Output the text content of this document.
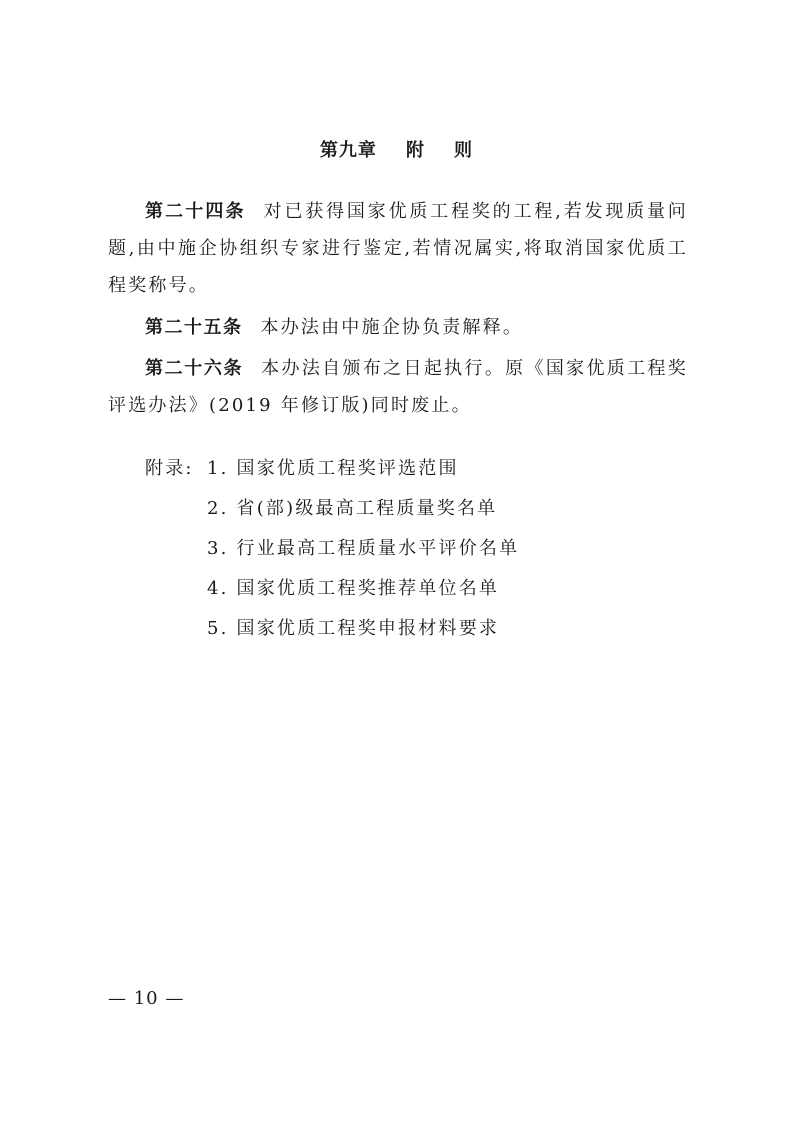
第九章    附    则

第二十四条 对已获得国家优质工程奖的工程,若发现质量问题,由中施企协组织专家进行鉴定,若情况属实,将取消国家优质工程奖称号。

第二十五条 本办法由中施企协负责解释。

第二十六条 本办法自颁布之日起执行。原《国家优质工程奖评选办法》(2019 年修订版)同时废止。

附录: 1. 国家优质工程奖评选范围
2. 省(部)级最高工程质量奖名单
3. 行业最高工程质量水平评价名单
4. 国家优质工程奖推荐单位名单
5. 国家优质工程奖申报材料要求
— 10 —
